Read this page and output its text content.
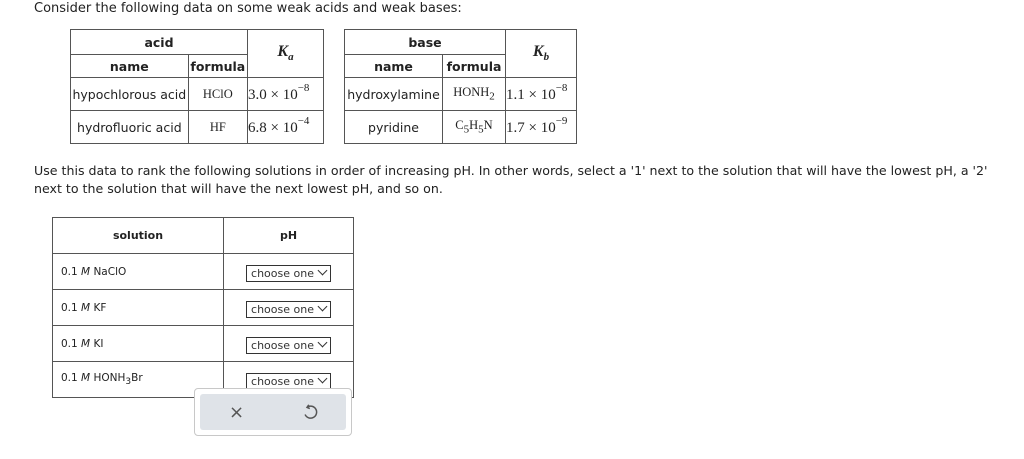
Consider the following data on some weak acids and weak bases:
acid		$K_a$
name	formula	
hypochlorous acid	HClO	$3.0 \times 10^{-8}$
hydrofluoric acid	HF	$6.8 \times 10^{-4}$
base		$K_b$
name	formula	
hydroxylamine	$HONH_2$	$1.1 \times 10^{-8}$
pyridine	$C_5H_5N$	$1.7 \times 10^{-9}$
Use this data to rank the following solutions in order of increasing pH. In other words, select a '1' next to the solution that will have the lowest pH, a '2' next to the solution that will have the next lowest pH, and so on.
solution	pH
0.1 M NaClO	choose one
0.1 M KF	choose one
0.1 M KI	choose one
0.1 M $HONH_3Br$	choose one
×
